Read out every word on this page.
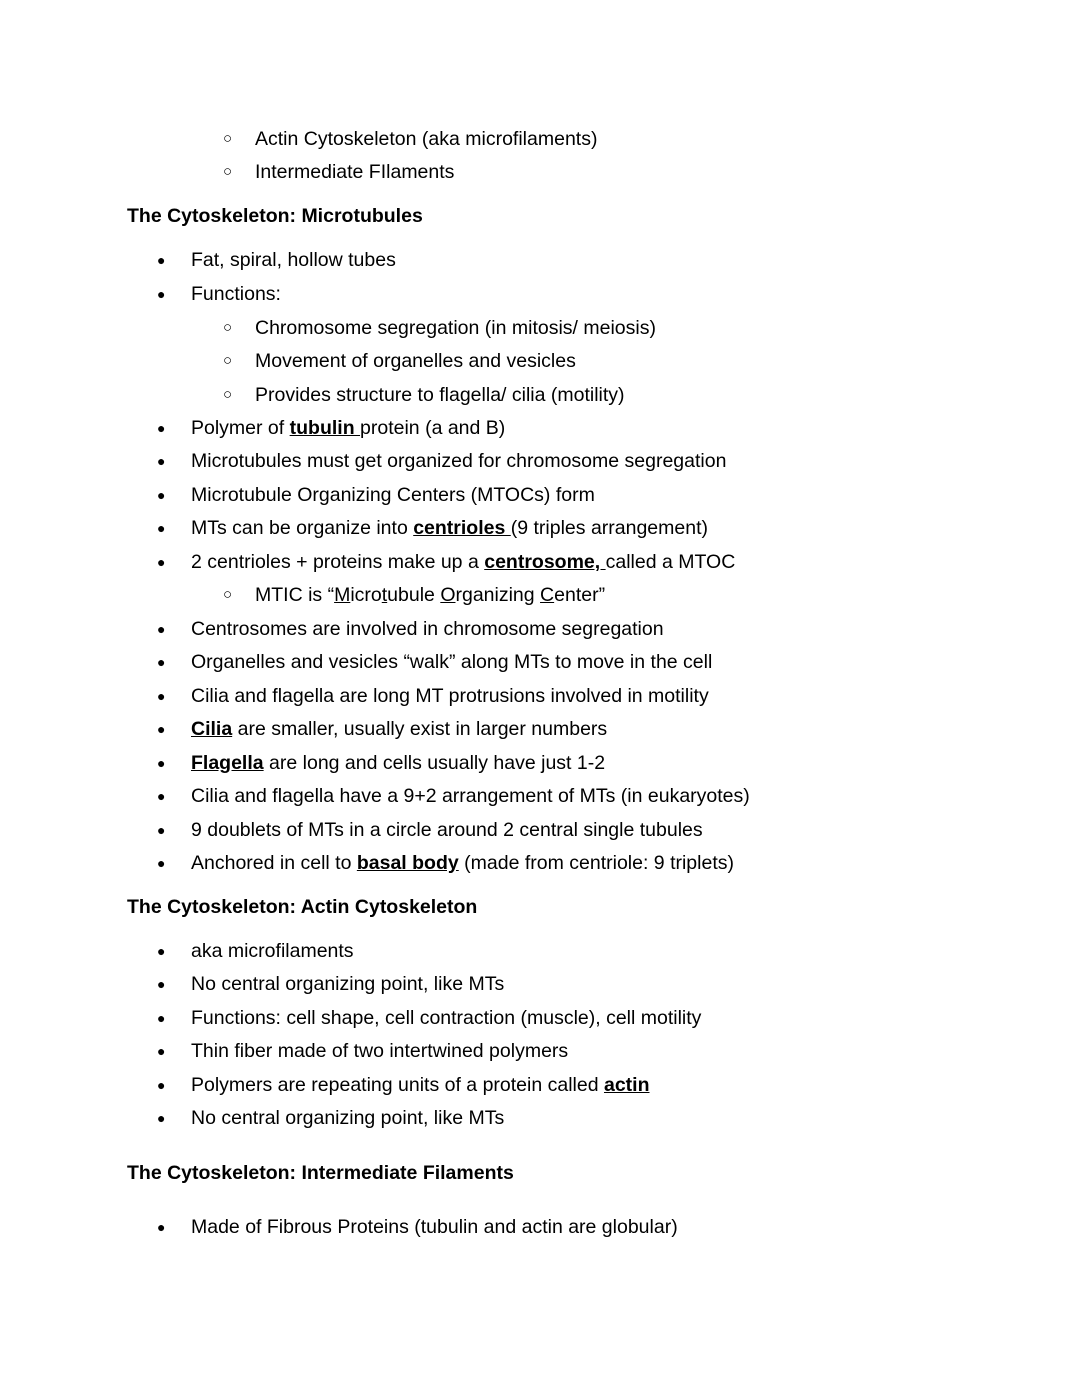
○ Actin Cytoskeleton (aka microfilaments)
○ Intermediate FIlaments
The Cytoskeleton: Microtubules
● Fat, spiral, hollow tubes
● Functions:
○ Chromosome segregation (in mitosis/ meiosis)
○ Movement of organelles and vesicles
○ Provides structure to flagella/ cilia (motility)
● Polymer of tubulin protein (a and B)
● Microtubules must get organized for chromosome segregation
● Microtubule Organizing Centers (MTOCs) form
● MTs can be organize into centrioles (9 triples arrangement)
● 2 centrioles + proteins make up a centrosome, called a MTOC
○ MTIC is “Microtubule Organizing Center”
● Centrosomes are involved in chromosome segregation
● Organelles and vesicles “walk” along MTs to move in the cell
● Cilia and flagella are long MT protrusions involved in motility
● Cilia are smaller, usually exist in larger numbers
● Flagella are long and cells usually have just 1-2
● Cilia and flagella have a 9+2 arrangement of MTs (in eukaryotes)
● 9 doublets of MTs in a circle around 2 central single tubules
● Anchored in cell to basal body (made from centriole: 9 triplets)
The Cytoskeleton: Actin Cytoskeleton
● aka microfilaments
● No central organizing point, like MTs
● Functions: cell shape, cell contraction (muscle), cell motility
● Thin fiber made of two intertwined polymers
● Polymers are repeating units of a protein called actin
● No central organizing point, like MTs
The Cytoskeleton: Intermediate Filaments
● Made of Fibrous Proteins (tubulin and actin are globular)
